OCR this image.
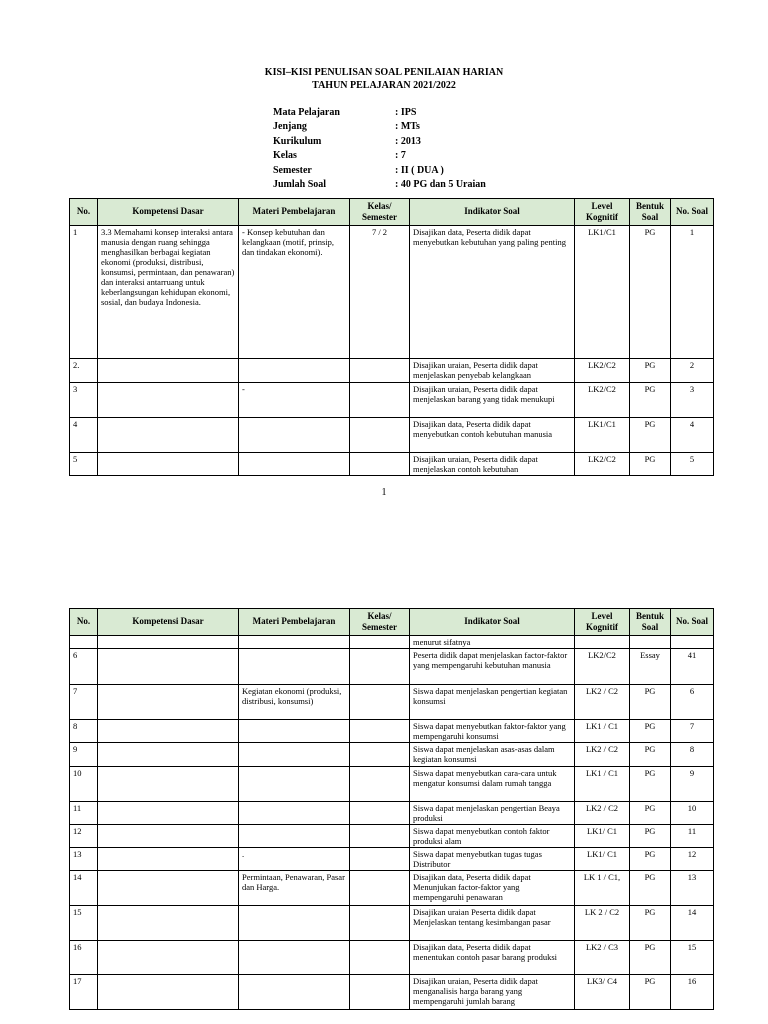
KISI–KISI PENULISAN SOAL PENILAIAN HARIAN
TAHUN PELAJARAN 2021/2022
Mata Pelajaran	: IPS
Jenjang	: MTs
Kurikulum	: 2013
Kelas	: 7
Semester	: II ( DUA )
Jumlah Soal	: 40 PG dan 5 Uraian
No.	Kompetensi Dasar	Materi Pembelajaran	Kelas/ Semester	Indikator Soal	Level Kognitif	Bentuk Soal	No. Soal
1	3.3 Memahami konsep interaksi antara manusia dengan ruang sehingga menghasilkan berbagai kegiatan ekonomi (produksi, distribusi, konsumsi, permintaan, dan penawaran) dan interaksi antarruang untuk keberlangsungan kehidupan ekonomi, sosial, dan budaya Indonesia.	- Konsep kebutuhan dan kelangkaan (motif, prinsip, dan tindakan ekonomi).	7 / 2	Disajikan data, Peserta didik dapat menyebutkan kebutuhan yang paling penting	LK1/C1	PG	1
2.				Disajikan uraian, Peserta didik dapat menjelaskan penyebab kelangkaan	LK2/C2	PG	2
3		-		Disajikan uraian, Peserta didik dapat menjelaskan barang yang tidak menukupi	LK2/C2	PG	3
4				Disajikan data, Peserta didik dapat menyebutkan contoh kebutuhan manusia	LK1/C1	PG	4
5				Disajikan uraian, Peserta didik dapat menjelaskan contoh kebutuhan	LK2/C2	PG	5
1
No.	Kompetensi Dasar	Materi Pembelajaran	Kelas/ Semester	Indikator Soal	Level Kognitif	Bentuk Soal	No. Soal
				menurut sifatnya			
6				Peserta didik dapat menjelaskan factor-faktor yang mempengaruhi kebutuhan manusia	LK2/C2	Essay	41
7		Kegiatan ekonomi (produksi, distribusi, konsumsi)		Siswa dapat menjelaskan pengertian kegiatan konsumsi	LK2 / C2	PG	6
8				Siswa dapat menyebutkan faktor-faktor yang mempengaruhi konsumsi	LK1 / C1	PG	7
9				Siswa dapat menjelaskan asas-asas dalam kegiatan konsumsi	LK2 / C2	PG	8
10				Siswa dapat menyebutkan cara-cara untuk mengatur konsumsi dalam rumah tangga	LK1 / C1	PG	9
11				Siswa dapat menjelaskan pengertian Beaya produksi	LK2 / C2	PG	10
12				Siswa dapat menyebutkan contoh faktor produksi alam	LK1/ C1	PG	11
13		.		Siswa dapat menyebutkan tugas tugas Distributor	LK1/ C1	PG	12
14		Permintaan, Penawaran, Pasar dan Harga.		Disajikan data, Peserta didik dapat Menunjukan factor-faktor yang mempengaruhi penawaran	LK 1 / C1,	PG	13
15				Disajikan uraian Peserta didik dapat Menjelaskan tentang kesimbangan pasar	LK 2 / C2	PG	14
16				Disajikan data, Peserta didik dapat menentukan contoh pasar barang produksi	LK2 / C3	PG	15
17				Disajikan uraian, Peserta didik dapat menganalisis harga barang yang mempengaruhi jumlah barang	LK3/ C4	PG	16
